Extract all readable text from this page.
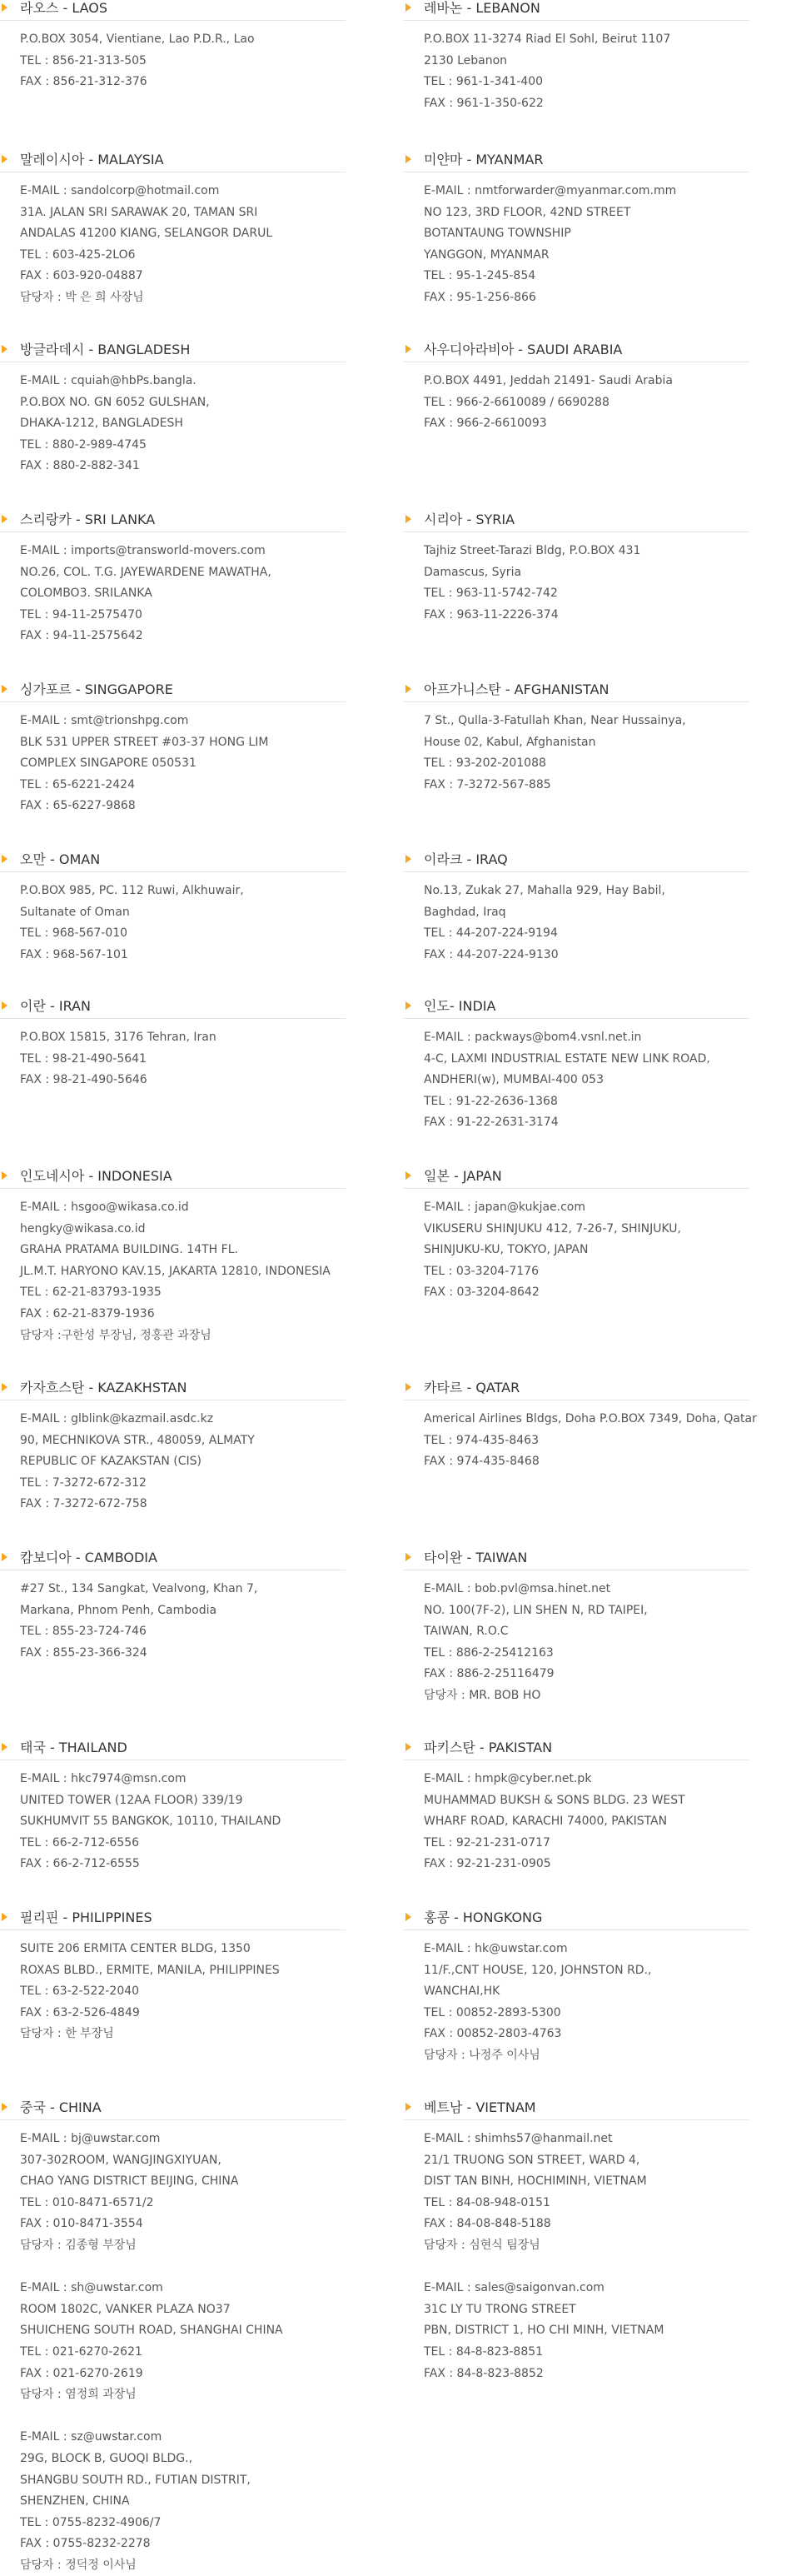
라오스 - LAOS
P.O.BOX 3054, Vientiane, Lao P.D.R., Lao
TEL : 856-21-313-505
FAX : 856-21-312-376
레바논 - LEBANON
P.O.BOX 11-3274 Riad El Sohl, Beirut 1107
2130 Lebanon
TEL : 961-1-341-400
FAX : 961-1-350-622
말레이시아 - MALAYSIA
E-MAIL : sandolcorp@hotmail.com
31A. JALAN SRI SARAWAK 20, TAMAN SRI
ANDALAS 41200 KIANG, SELANGOR DARUL
TEL : 603-425-2LO6
FAX : 603-920-04887
담당자 : 박 은 희 사장님
미얀마 - MYANMAR
E-MAIL : nmtforwarder@myanmar.com.mm
NO 123, 3RD FLOOR, 42ND STREET
BOTANTAUNG TOWNSHIP
YANGGON, MYANMAR
TEL : 95-1-245-854
FAX : 95-1-256-866
방글라데시 - BANGLADESH
E-MAIL : cquiah@hbPs.bangla.
P.O.BOX NO. GN 6052 GULSHAN,
DHAKA-1212, BANGLADESH
TEL : 880-2-989-4745
FAX : 880-2-882-341
사우디아라비아 - SAUDI ARABIA
P.O.BOX 4491, Jeddah 21491- Saudi Arabia
TEL : 966-2-6610089 / 6690288
FAX : 966-2-6610093
스리랑카 - SRI LANKA
E-MAIL : imports@transworld-movers.com
NO.26, COL. T.G. JAYEWARDENE MAWATHA,
COLOMBO3. SRILANKA
TEL : 94-11-2575470
FAX : 94-11-2575642
시리아 - SYRIA
Tajhiz Street-Tarazi Bldg, P.O.BOX 431
Damascus, Syria
TEL : 963-11-5742-742
FAX : 963-11-2226-374
싱가포르 - SINGGAPORE
E-MAIL : smt@trionshpg.com
BLK 531 UPPER STREET #03-37 HONG LIM
COMPLEX SINGAPORE 050531
TEL : 65-6221-2424
FAX : 65-6227-9868
아프가니스탄 - AFGHANISTAN
7 St., Qulla-3-Fatullah Khan, Near Hussainya,
House 02, Kabul, Afghanistan
TEL : 93-202-201088
FAX : 7-3272-567-885
오만 - OMAN
P.O.BOX 985, PC. 112 Ruwi, Alkhuwair,
Sultanate of Oman
TEL : 968-567-010
FAX : 968-567-101
이라크 - IRAQ
No.13, Zukak 27, Mahalla 929, Hay Babil,
Baghdad, Iraq
TEL : 44-207-224-9194
FAX : 44-207-224-9130
이란 - IRAN
P.O.BOX 15815, 3176 Tehran, Iran
TEL : 98-21-490-5641
FAX : 98-21-490-5646
인도- INDIA
E-MAIL : packways@bom4.vsnl.net.in
4-C, LAXMI INDUSTRIAL ESTATE NEW LINK ROAD,
ANDHERI(w), MUMBAI-400 053
TEL : 91-22-2636-1368
FAX : 91-22-2631-3174
인도네시아 - INDONESIA
E-MAIL : hsgoo@wikasa.co.id
hengky@wikasa.co.id
GRAHA PRATAMA BUILDING. 14TH FL.
JL.M.T. HARYONO KAV.15, JAKARTA 12810, INDONESIA
TEL : 62-21-83793-1935
FAX : 62-21-8379-1936
담당자 :구한성 부장님, 정홍관 과장님
일본 - JAPAN
E-MAIL : japan@kukjae.com
VIKUSERU SHINJUKU 412, 7-26-7, SHINJUKU,
SHINJUKU-KU, TOKYO, JAPAN
TEL : 03-3204-7176
FAX : 03-3204-8642
카자흐스탄 - KAZAKHSTAN
E-MAIL : glblink@kazmail.asdc.kz
90, MECHNIKOVA STR., 480059, ALMATY
REPUBLIC OF KAZAKSTAN (CIS)
TEL : 7-3272-672-312
FAX : 7-3272-672-758
카타르 - QATAR
Americal Airlines Bldgs, Doha P.O.BOX 7349, Doha, Qatar
TEL : 974-435-8463
FAX : 974-435-8468
캄보디아 - CAMBODIA
#27 St., 134 Sangkat, Vealvong, Khan 7,
Markana, Phnom Penh, Cambodia
TEL : 855-23-724-746
FAX : 855-23-366-324
타이완 - TAIWAN
E-MAIL : bob.pvl@msa.hinet.net
NO. 100(7F-2), LIN SHEN N, RD TAIPEI,
TAIWAN, R.O.C
TEL : 886-2-25412163
FAX : 886-2-25116479
담당자 : MR. BOB HO
태국 - THAILAND
E-MAIL : hkc7974@msn.com
UNITED TOWER (12AA FLOOR) 339/19
SUKHUMVIT 55 BANGKOK, 10110, THAILAND
TEL : 66-2-712-6556
FAX : 66-2-712-6555
파키스탄 - PAKISTAN
E-MAIL : hmpk@cyber.net.pk
MUHAMMAD BUKSH & SONS BLDG. 23 WEST
WHARF ROAD, KARACHI 74000, PAKISTAN
TEL : 92-21-231-0717
FAX : 92-21-231-0905
필리핀 - PHILIPPINES
SUITE 206 ERMITA CENTER BLDG, 1350
ROXAS BLBD., ERMITE, MANILA, PHILIPPINES
TEL : 63-2-522-2040
FAX : 63-2-526-4849
담당자 : 한 부장님
홍콩 - HONGKONG
E-MAIL : hk@uwstar.com
11/F.,CNT HOUSE, 120, JOHNSTON RD.,
WANCHAI,HK
TEL : 00852-2893-5300
FAX : 00852-2803-4763
담당자 : 나정주 이사님
중국 - CHINA
E-MAIL : bj@uwstar.com
307-302ROOM, WANGJINGXIYUAN,
CHAO YANG DISTRICT BEIJING, CHINA
TEL : 010-8471-6571/2
FAX : 010-8471-3554
담당자 : 김종형 부장님
E-MAIL : sh@uwstar.com
ROOM 1802C, VANKER PLAZA NO37
SHUICHENG SOUTH ROAD, SHANGHAI CHINA
TEL : 021-6270-2621
FAX : 021-6270-2619
담당자 : 염정희 과장님
E-MAIL : sz@uwstar.com
29G, BLOCK B, GUOQI BLDG.,
SHANGBU SOUTH RD., FUTIAN DISTRIT,
SHENZHEN, CHINA
TEL : 0755-8232-4906/7
FAX : 0755-8232-2278
담당자 : 정덕정 이사님
베트남 - VIETNAM
E-MAIL : shimhs57@hanmail.net
21/1 TRUONG SON STREET, WARD 4,
DIST TAN BINH, HOCHIMINH, VIETNAM
TEL : 84-08-948-0151
FAX : 84-08-848-5188
담당자 : 심현식 팀장님
E-MAIL : sales@saigonvan.com
31C LY TU TRONG STREET
PBN, DISTRICT 1, HO CHI MINH, VIETNAM
TEL : 84-8-823-8851
FAX : 84-8-823-8852
